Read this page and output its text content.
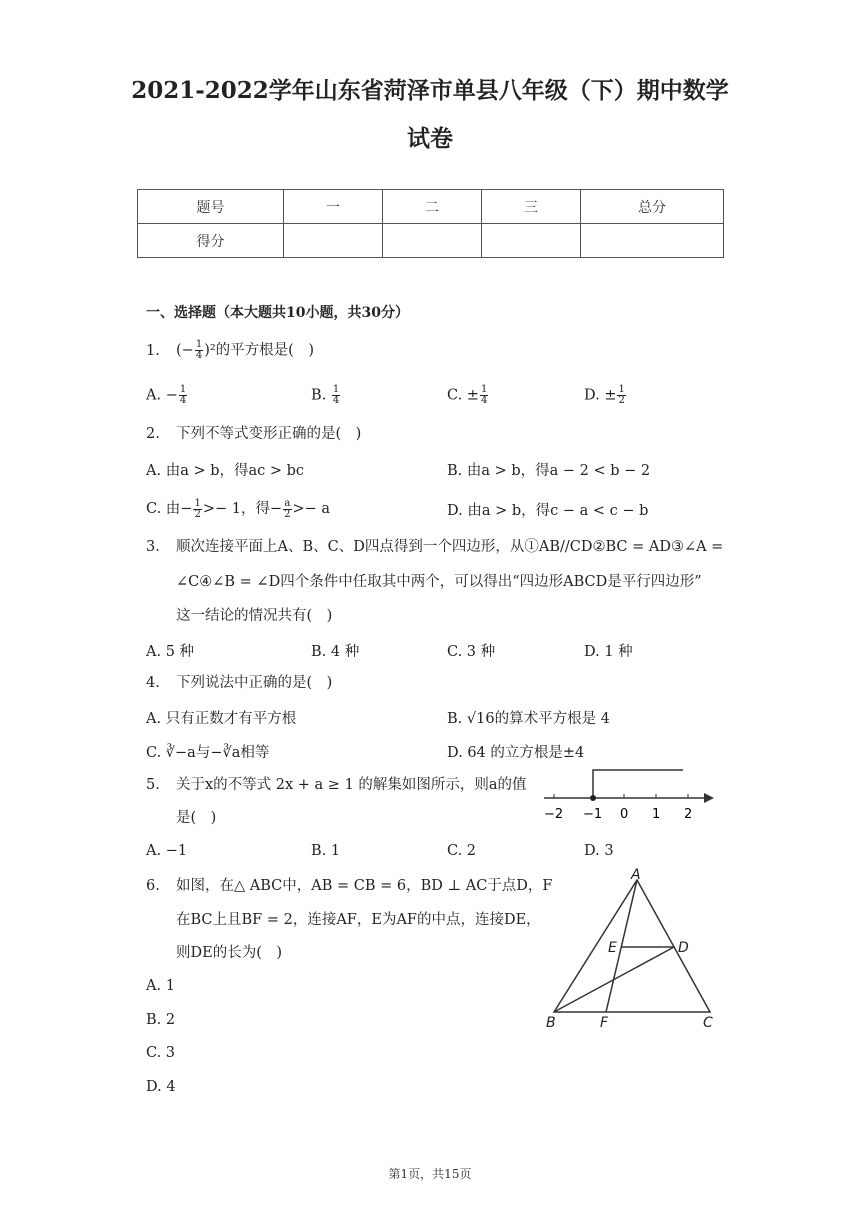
2021-2022学年山东省菏泽市单县八年级（下）期中数学
试卷
题号	一	二	三	总分
得分				
一、选择题（本大题共10小题，共30分）
1. (− $\frac{1}{4} )^2$的平方根是(　)
A. − $\frac{1}{4}$	B. $\frac{1}{4}$	C. ± $\frac{1}{4}$	D. ± $\frac{1}{2}$
2. 下列不等式变形正确的是(　)
A. 由a > b，得ac > bc	B. 由a > b，得a − 2 < b − 2
C. 由− $\frac{1}{2} >- 1$，得− $\frac{a}{2} >- a$	D. 由a > b，得c − a < c − b
3. 顺次连接平面上A、B、C、D四点得到一个四边形，从①AB//CD②BC = AD③∠A =
∠C④∠B = ∠D四个条件中任取其中两个，可以得出“四边形ABCD是平行四边形”
这一结论的情况共有(　)
A. 5 种	B. 4 种	C. 3 种	D. 1 种
4. 下列说法中正确的是(　)
A. 只有正数才有平方根	B. √16的算术平方根是 4
C. ∛−a与−∛a相等	D. 64 的立方根是±4
5. 关于x的不等式 2x + a ≥ 1 的解集如图所示，则a的值
是(　)
A. −1	B. 1	C. 2	D. 3
−2 −1 0 1 2
6. 如图，在△ ABC中，AB = CB = 6，BD ⊥ AC于点D，F
在BC上且BF = 2，连接AF，E为AF的中点，连接DE，
则DE的长为(　)
A. 1
B. 2
C. 3
D. 4
A
B	C
D
E
F
第1页，共15页
